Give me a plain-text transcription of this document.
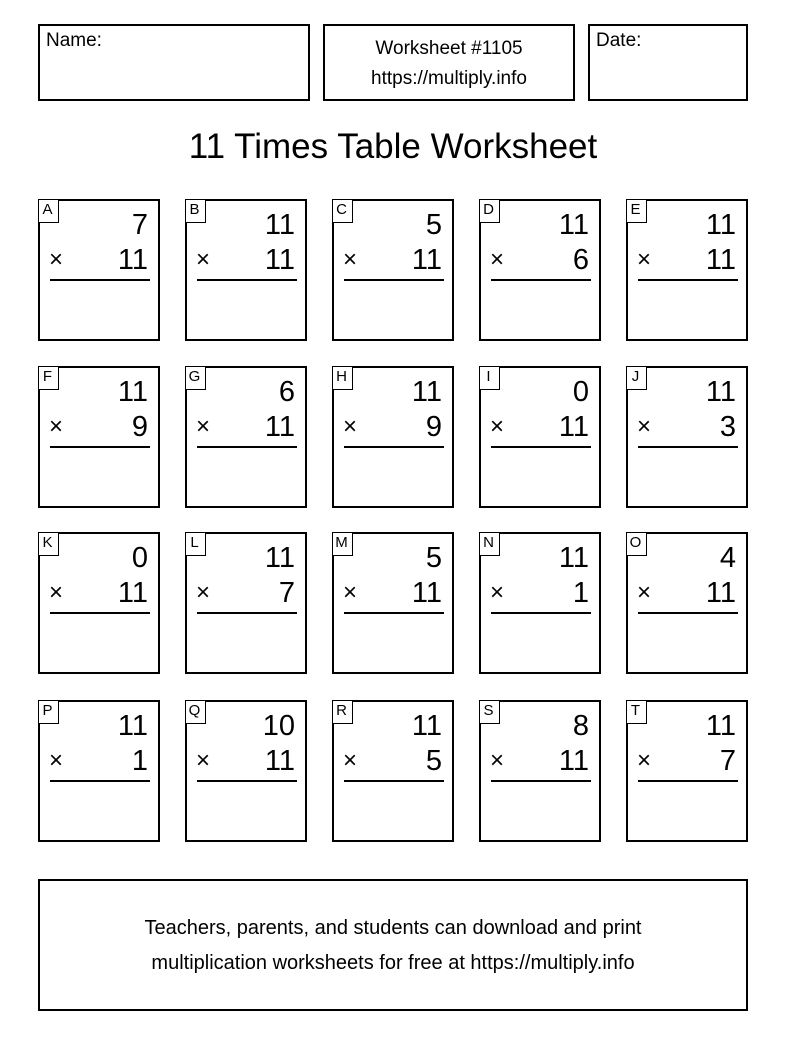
Name:	Worksheet #1105
https://multiply.info
Date:
11 Times Table Worksheet
A	7
× 11
B 11
× 11
C	5
× 11
D 11
× 6
E 11
× 11
F 11
× 9
G	6
× 11
H 11
× 9
I	0
× 11
J 11
× 3
K	0
× 11
L 11
× 7
M	5
× 11
N 11
× 1
O	4
× 11
P 11
× 1
Q 10
× 11
R 11
× 5
S	8
× 11
T 11
× 7
Teachers, parents, and students can download and print
multiplication worksheets for free at https://multiply.info
